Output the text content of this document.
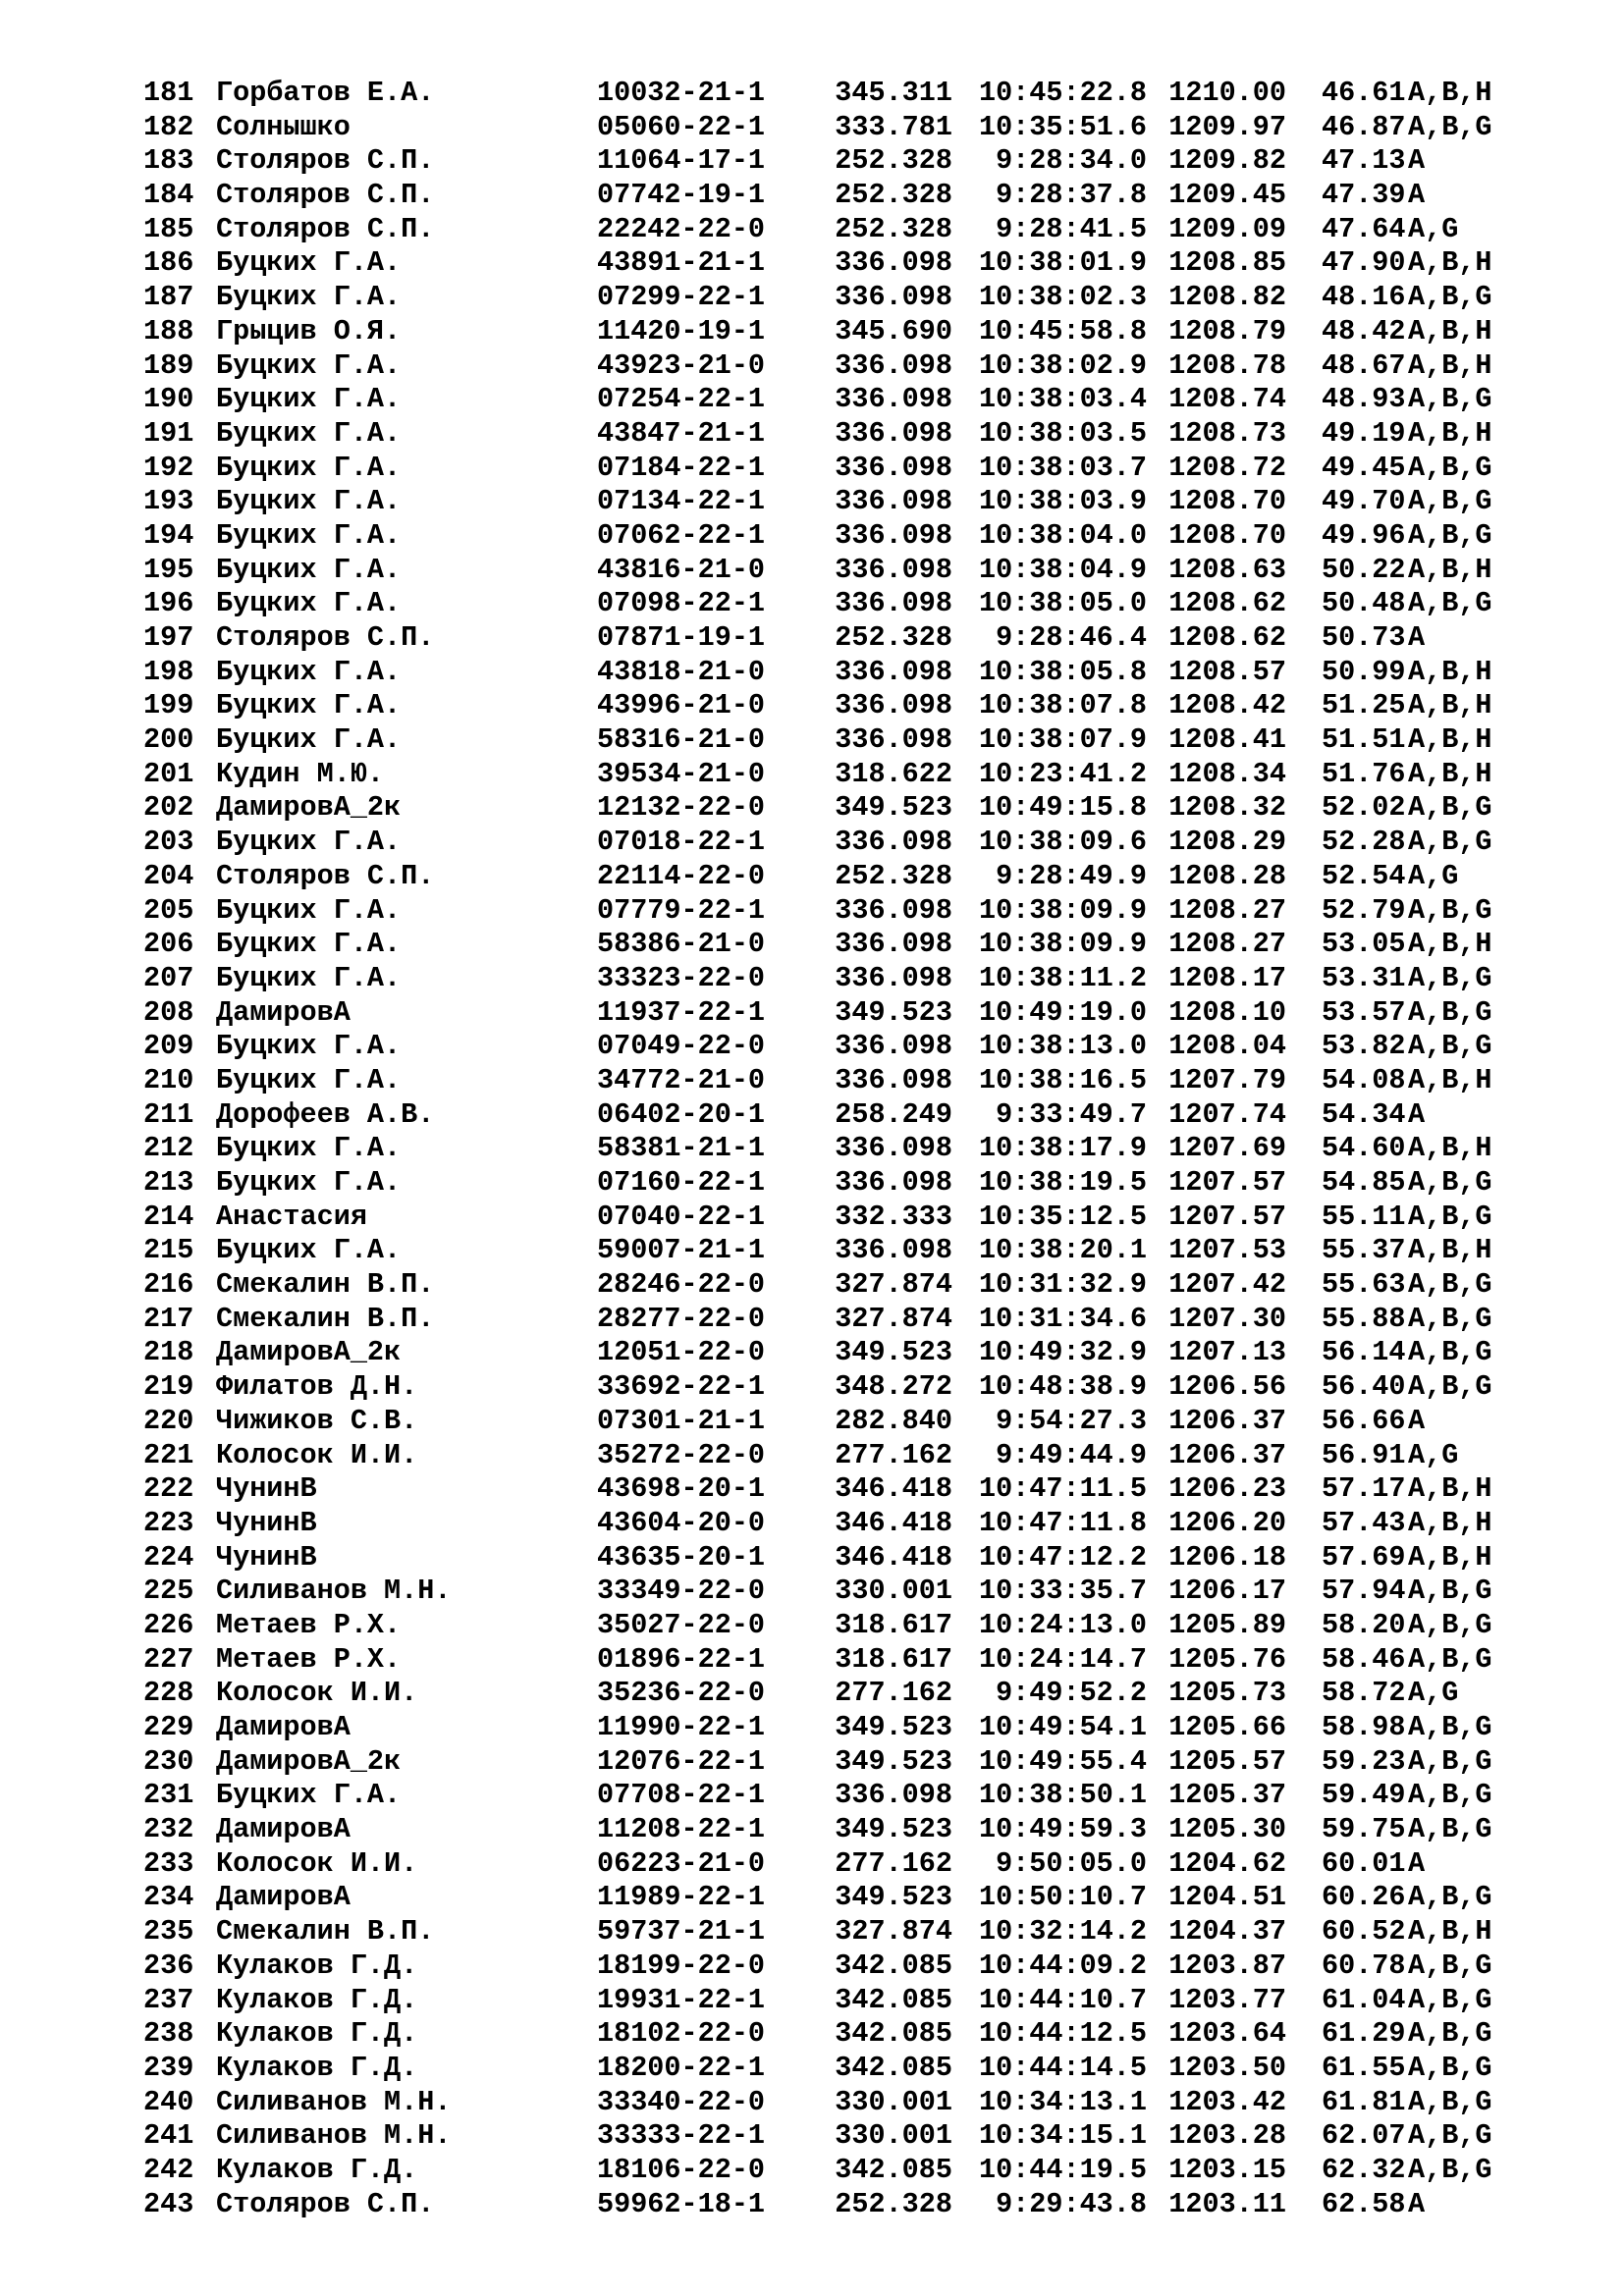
181 Горбатов Е.А.	10032-21-1	345.311 10:45:22.8 1210.00 46.61 A,B,H
182 Солнышко	05060-22-1	333.781 10:35:51.6 1209.97 46.87 A,B,G
183 Столяров С.П.	11064-17-1	252.328	9:28:34.0 1209.82 47.13 A
184 Столяров С.П.	07742-19-1	252.328	9:28:37.8 1209.45 47.39 A
185 Столяров С.П.	22242-22-0	252.328	9:28:41.5 1209.09 47.64 A,G
186 Буцких Г.А.	43891-21-1	336.098 10:38:01.9 1208.85 47.90 A,B,H
187 Буцких Г.А.	07299-22-1	336.098 10:38:02.3 1208.82 48.16 A,B,G
188 Грыцив О.Я.	11420-19-1	345.690 10:45:58.8 1208.79 48.42 A,B,H
189 Буцких Г.А.	43923-21-0	336.098 10:38:02.9 1208.78 48.67 A,B,H
190 Буцких Г.А.	07254-22-1	336.098 10:38:03.4 1208.74 48.93 A,B,G
191 Буцких Г.А.	43847-21-1	336.098 10:38:03.5 1208.73 49.19 A,B,H
192 Буцких Г.А.	07184-22-1	336.098 10:38:03.7 1208.72 49.45 A,B,G
193 Буцких Г.А.	07134-22-1	336.098 10:38:03.9 1208.70 49.70 A,B,G
194 Буцких Г.А.	07062-22-1	336.098 10:38:04.0 1208.70 49.96 A,B,G
195 Буцких Г.А.	43816-21-0	336.098 10:38:04.9 1208.63 50.22 A,B,H
196 Буцких Г.А.	07098-22-1	336.098 10:38:05.0 1208.62 50.48 A,B,G
197 Столяров С.П.	07871-19-1	252.328	9:28:46.4 1208.62 50.73 A
198 Буцких Г.А.	43818-21-0	336.098 10:38:05.8 1208.57 50.99 A,B,H
199 Буцких Г.А.	43996-21-0	336.098 10:38:07.8 1208.42 51.25 A,B,H
200 Буцких Г.А.	58316-21-0	336.098 10:38:07.9 1208.41 51.51 A,B,H
201 Кудин М.Ю.	39534-21-0	318.622 10:23:41.2 1208.34 51.76 A,B,H
202 ДамировА_2к	12132-22-0	349.523 10:49:15.8 1208.32 52.02 A,B,G
203 Буцких Г.А.	07018-22-1	336.098 10:38:09.6 1208.29 52.28 A,B,G
204 Столяров С.П.	22114-22-0	252.328	9:28:49.9 1208.28 52.54 A,G
205 Буцких Г.А.	07779-22-1	336.098 10:38:09.9 1208.27 52.79 A,B,G
206 Буцких Г.А.	58386-21-0	336.098 10:38:09.9 1208.27 53.05 A,B,H
207 Буцких Г.А.	33323-22-0	336.098 10:38:11.2 1208.17 53.31 A,B,G
208 ДамировА	11937-22-1	349.523 10:49:19.0 1208.10 53.57 A,B,G
209 Буцких Г.А.	07049-22-0	336.098 10:38:13.0 1208.04 53.82 A,B,G
210 Буцких Г.А.	34772-21-0	336.098 10:38:16.5 1207.79 54.08 A,B,H
211 Дорофеев А.В.	06402-20-1	258.249	9:33:49.7 1207.74 54.34 A
212 Буцких Г.А.	58381-21-1	336.098 10:38:17.9 1207.69 54.60 A,B,H
213 Буцких Г.А.	07160-22-1	336.098 10:38:19.5 1207.57 54.85 A,B,G
214 Анастасия	07040-22-1	332.333 10:35:12.5 1207.57 55.11 A,B,G
215 Буцких Г.А.	59007-21-1	336.098 10:38:20.1 1207.53 55.37 A,B,H
216 Смекалин В.П.	28246-22-0	327.874 10:31:32.9 1207.42 55.63 A,B,G
217 Смекалин В.П.	28277-22-0	327.874 10:31:34.6 1207.30 55.88 A,B,G
218 ДамировА_2к	12051-22-0	349.523 10:49:32.9 1207.13 56.14 A,B,G
219 Филатов Д.Н.	33692-22-1	348.272 10:48:38.9 1206.56 56.40 A,B,G
220 Чижиков С.В.	07301-21-1	282.840	9:54:27.3 1206.37 56.66 A
221 Колосок И.И.	35272-22-0	277.162	9:49:44.9 1206.37 56.91 A,G
222 ЧунинВ	43698-20-1	346.418 10:47:11.5 1206.23 57.17 A,B,H
223 ЧунинВ	43604-20-0	346.418 10:47:11.8 1206.20 57.43 A,B,H
224 ЧунинВ	43635-20-1	346.418 10:47:12.2 1206.18 57.69 A,B,H
225 Силиванов М.Н.	33349-22-0	330.001 10:33:35.7 1206.17 57.94 A,B,G
226 Метаев Р.Х.	35027-22-0	318.617 10:24:13.0 1205.89 58.20 A,B,G
227 Метаев Р.Х.	01896-22-1	318.617 10:24:14.7 1205.76 58.46 A,B,G
228 Колосок И.И.	35236-22-0	277.162	9:49:52.2 1205.73 58.72 A,G
229 ДамировА	11990-22-1	349.523 10:49:54.1 1205.66 58.98 A,B,G
230 ДамировА_2к	12076-22-1	349.523 10:49:55.4 1205.57 59.23 A,B,G
231 Буцких Г.А.	07708-22-1	336.098 10:38:50.1 1205.37 59.49 A,B,G
232 ДамировА	11208-22-1	349.523 10:49:59.3 1205.30 59.75 A,B,G
233 Колосок И.И.	06223-21-0	277.162	9:50:05.0 1204.62 60.01 A
234 ДамировА	11989-22-1	349.523 10:50:10.7 1204.51 60.26 A,B,G
235 Смекалин В.П.	59737-21-1	327.874 10:32:14.2 1204.37 60.52 A,B,H
236 Кулаков Г.Д.	18199-22-0	342.085 10:44:09.2 1203.87 60.78 A,B,G
237 Кулаков Г.Д.	19931-22-1	342.085 10:44:10.7 1203.77 61.04 A,B,G
238 Кулаков Г.Д.	18102-22-0	342.085 10:44:12.5 1203.64 61.29 A,B,G
239 Кулаков Г.Д.	18200-22-1	342.085 10:44:14.5 1203.50 61.55 A,B,G
240 Силиванов М.Н.	33340-22-0	330.001 10:34:13.1 1203.42 61.81 A,B,G
241 Силиванов М.Н.	33333-22-1	330.001 10:34:15.1 1203.28 62.07 A,B,G
242 Кулаков Г.Д.	18106-22-0	342.085 10:44:19.5 1203.15 62.32 A,B,G
243 Столяров С.П.	59962-18-1	252.328	9:29:43.8 1203.11 62.58 A
